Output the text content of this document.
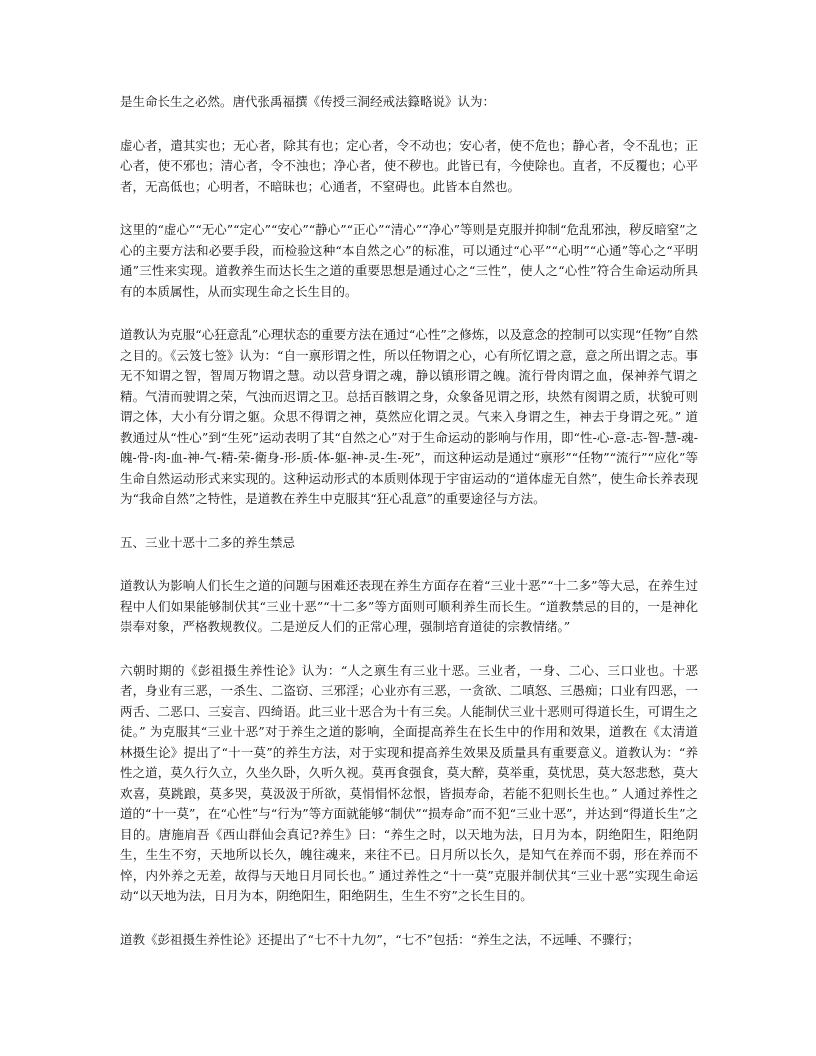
是生命长生之必然。唐代张禹福撰《传授三洞经戒法籙略说》认为：

虚心者，遣其实也；无心者，除其有也；定心者，令不动也；安心者，使不危也；静心者，令不乱也；正心者，使不邪也；清心者，令不浊也；净心者，使不秽也。此皆已有，今使除也。直者，不反覆也；心平者，无高低也；心明者，不暗昧也；心通者，不窒碍也。此皆本自然也。

这里的“虚心”“无心”“定心”“安心”“静心”“正心”“清心”“净心”等则是克服并抑制“危乱邪浊，秽反暗窒”之心的主要方法和必要手段，而检验这种“本自然之心”的标准，可以通过“心平”“心明”“心通”等心之“平明通”三性来实现。道教养生而达长生之道的重要思想是通过心之“三性”，使人之“心性”符合生命运动所具有的本质属性，从而实现生命之长生目的。

道教认为克服“心狂意乱”心理状态的重要方法在通过“心性”之修炼，以及意念的控制可以实现“任物”自然之目的。《云笈七签》认为：“自一禀形谓之性，所以任物谓之心，心有所忆谓之意，意之所出谓之志。事无不知谓之智，智周万物谓之慧。动以营身谓之魂，静以镇形谓之魄。流行骨肉谓之血，保神养气谓之精。气清而驶谓之荣，气浊而迟谓之卫。总括百骸谓之身，众象备见谓之形，块然有阂谓之质，状貌可则谓之体，大小有分谓之躯。众思不得谓之神，莫然应化谓之灵。气来入身谓之生，神去于身谓之死。” 道教通过从“性心”到“生死”运动表明了其“自然之心”对于生命运动的影响与作用，即“性-心-意-志-智-慧-魂-魄-骨-肉-血-神-气-精-荣-衛身-形-质-体-躯-神-灵-生-死”，而这种运动是通过“禀形”“任物”“流行”“应化”等生命自然运动形式来实现的。这种运动形式的本质则体现于宇宙运动的“道体虚无自然”，使生命长养表现为“我命自然”之特性，是道教在养生中克服其“狂心乱意”的重要途径与方法。

五、三业十恶十二多的养生禁忌

道教认为影响人们长生之道的问题与困难还表现在养生方面存在着“三业十恶”“十二多”等大忌，在养生过程中人们如果能够制伏其“三业十恶”“十二多”等方面则可顺利养生而长生。“道教禁忌的目的，一是神化崇奉对象，严格教规教仪。二是逆反人们的正常心理，强制培育道徒的宗教情绪。”

六朝时期的《彭祖摄生养性论》认为：“人之禀生有三业十恶。三业者，一身、二心、三口业也。十恶者，身业有三恶，一杀生、二盗窃、三邪淫；心业亦有三恶，一贪欲、二嗔怒、三愚痴；口业有四恶，一两舌、二恶口、三妄言、四绮语。此三业十恶合为十有三矣。人能制伏三业十恶则可得道长生，可谓生之徒。” 为克服其“三业十恶”对于养生之道的影响，全面提高养生在长生中的作用和效果，道教在《太清道林摄生论》提出了“十一莫”的养生方法，对于实现和提高养生效果及质量具有重要意义。道教认为：“养性之道，莫久行久立，久坐久卧，久听久视。莫再食强食，莫大醉，莫举重，莫忧思，莫大怒悲愁，莫大欢喜，莫跳踉，莫多哭，莫汲汲于所欲，莫悁悁怀忿恨，皆损寿命，若能不犯则长生也。” 人通过养性之道的“十一莫”，在“心性”与“行为”等方面就能够“制伏”“损寿命”而不犯“三业十恶”，并达到“得道长生”之目的。唐施肩吾《西山群仙会真记?养生》曰：“养生之时，以天地为法，日月为本，阴绝阳生，阳绝阴生，生生不穷，天地所以长久，魄往魂来，来往不已。日月所以长久，是知气在养而不弱，形在养而不悴，内外养之无差，故得与天地日月同长也。” 通过养性之“十一莫”克服并制伏其“三业十恶”实现生命运动“以天地为法，日月为本，阴绝阳生，阳绝阴生，生生不穷”之长生目的。

道教《彭祖摄生养性论》还提出了“七不十九勿”，“七不”包括：“养生之法，不远唾、不骤行；
